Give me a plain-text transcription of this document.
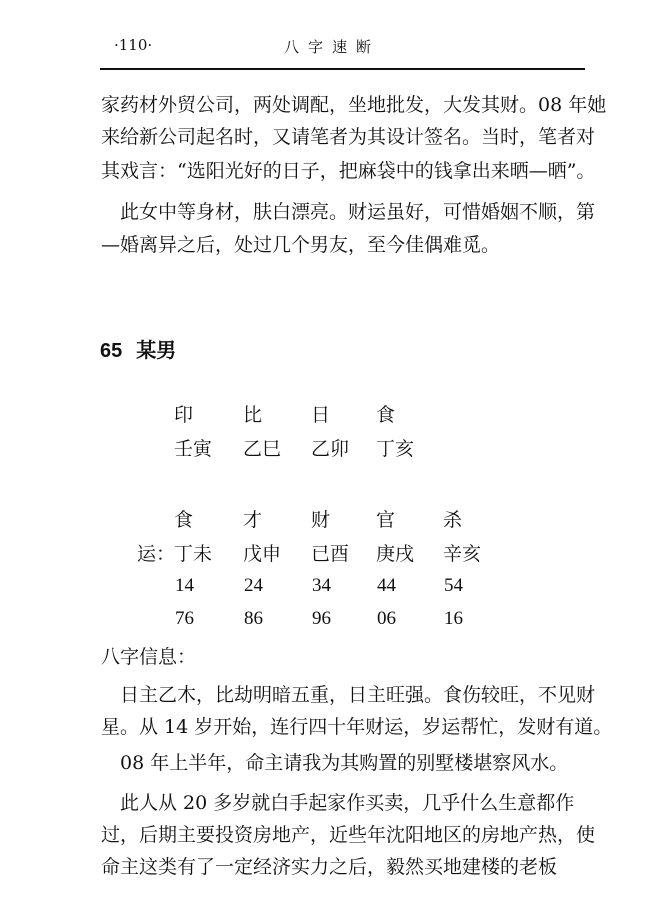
·110·	八字速断
家药材外贸公司，两处调配，坐地批发，大发其财。08 年她
来给新公司起名时，又请笔者为其设计签名。当时，笔者对
其戏言：“选阳光好的日子，把麻袋中的钱拿出来晒—晒”。
　此女中等身材，肤白漂亮。财运虽好，可惜婚姻不顺，第
—婚离异之后，处过几个男友，至今佳偶难觅。
65 某男
印	比	日 食
壬寅 乙巳 乙卯 丁亥
食	才	财 官	杀
运：
丁未 戊申 已酉 庚戌 辛亥
14	24	34 44	54
76	86	96 06	16
八字信息：
　日主乙木，比劫明暗五重，日主旺强。食伤较旺，不见财
星。从 14 岁开始，连行四十年财运，岁运帮忙，发财有道。
　08 年上半年，命主请我为其购置的别墅楼堪察风水。
　此人从 20 多岁就白手起家作买卖，几乎什么生意都作
过，后期主要投资房地产，近些年沈阳地区的房地产热，使
命主这类有了一定经济实力之后，毅然买地建楼的老板
